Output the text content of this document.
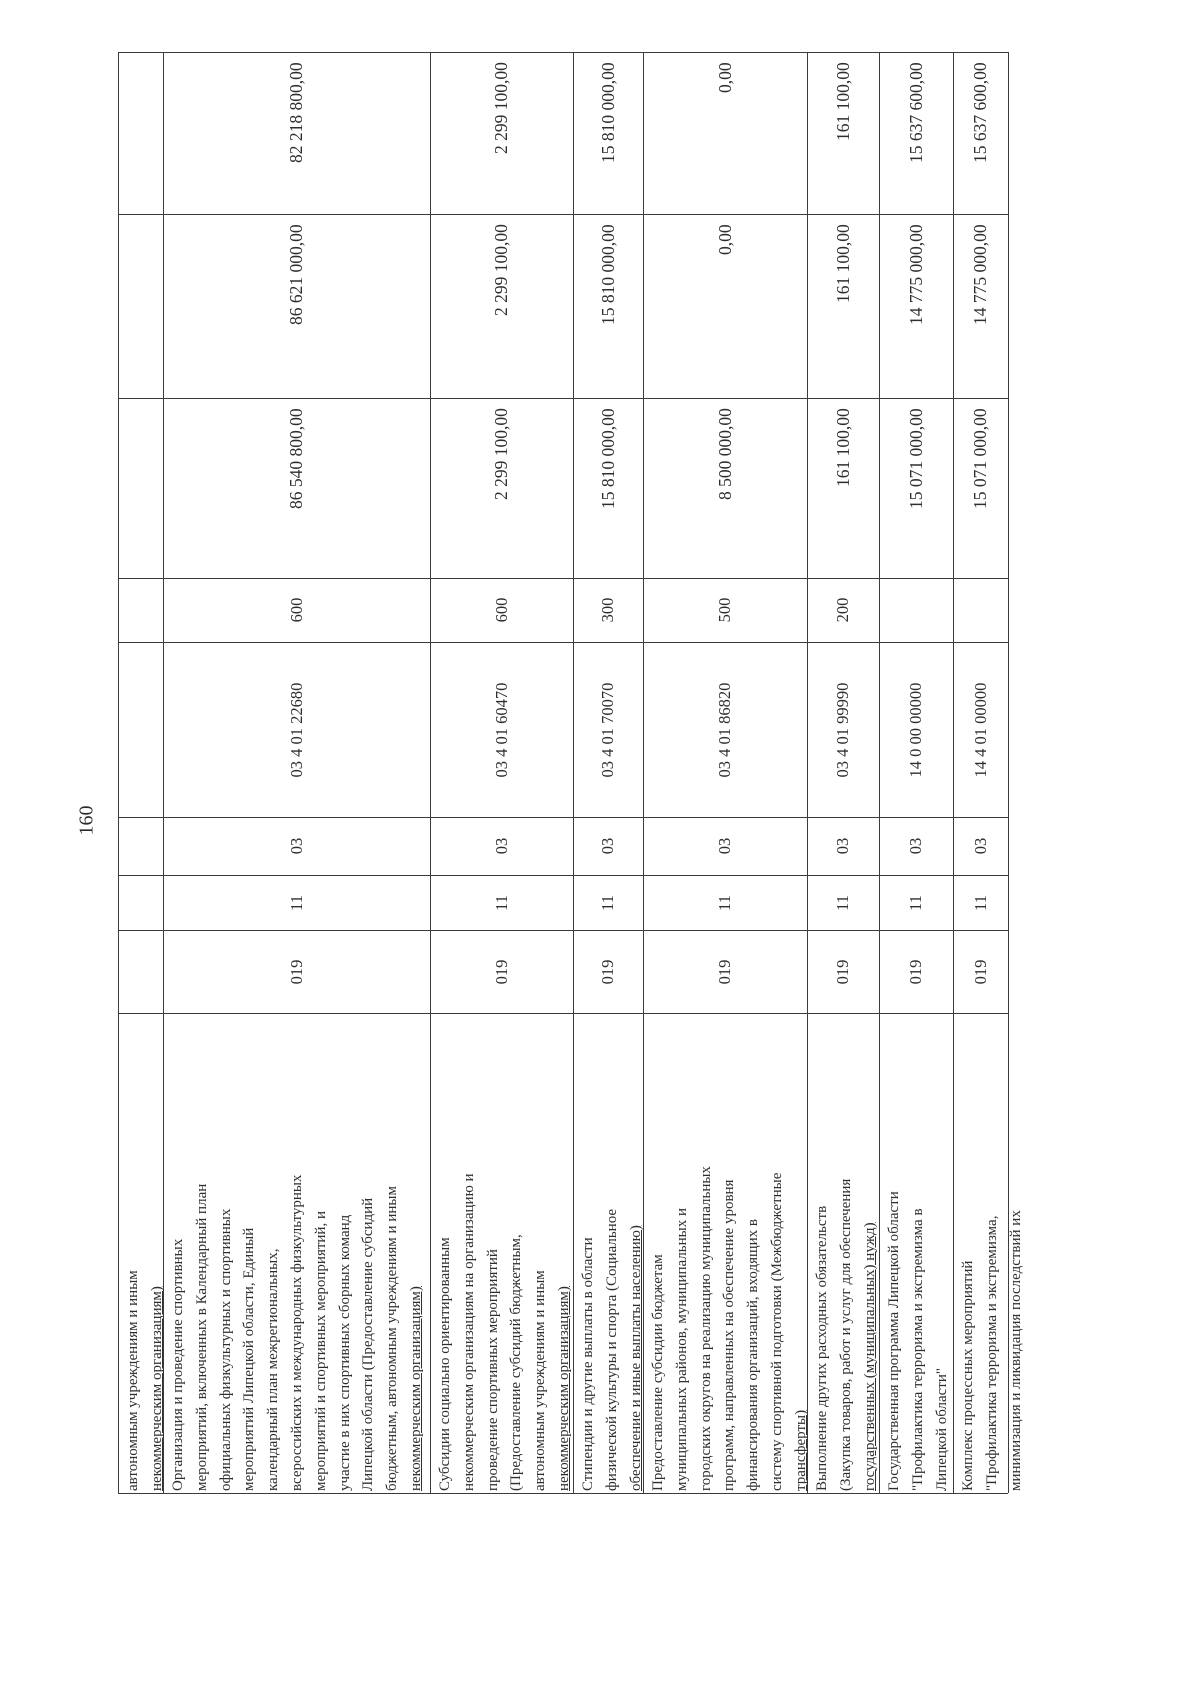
160
автономным учреждениям и иным некоммерческим организациям)
82 218 800,00
86 621 000,00
86 540 800,00
600
03 4 01 22680
03
11
019
Организация и проведение спортивных мероприятий, включенных в Календарный план официальных физкультурных и спортивных мероприятий Липецкой области, Единый календарный план межрегиональных, всероссийских и международных физкультурных мероприятий и спортивных мероприятий, и участие в них спортивных сборных команд Липецкой области (Предоставление субсидий бюджетным, автономным учреждениям и иным некоммерческим организациям)
2 299 100,00
2 299 100,00
2 299 100,00
600
03 4 01 60470
03
11
019
Субсидии социально ориентированным некоммерческим организациям на организацию и проведение спортивных мероприятий (Предоставление субсидий бюджетным, автономным учреждениям и иным некоммерческим организациям)
15 810 000,00
15 810 000,00
15 810 000,00
300
03 4 01 70070
03
11
019
Стипендии и другие выплаты в области физической культуры и спорта (Социальное обеспечение и иные выплаты населению)
0,00
0,00
8 500 000,00
500
03 4 01 86820
03
11
019
Предоставление субсидии бюджетам муниципальных районов, муниципальных и городских округов на реализацию муниципальных программ, направленных на обеспечение уровня финансирования организаций, входящих в систему спортивной подготовки (Межбюджетные трансферты)
161 100,00
161 100,00
161 100,00
200
03 4 01 99990
03
11
019
Выполнение других расходных обязательств (Закупка товаров, работ и услуг для обеспечения государственных (муниципальных) нужд)
15 637 600,00
14 775 000,00
15 071 000,00
14 0 00 00000
03
11
019
Государственная программа Липецкой области "Профилактика терроризма и экстремизма в Липецкой области"
15 637 600,00
14 775 000,00
15 071 000,00
14 4 01 00000
03
11
019
Комплекс процессных мероприятий "Профилактика терроризма и экстремизма, минимизация и ликвидация последствий их
